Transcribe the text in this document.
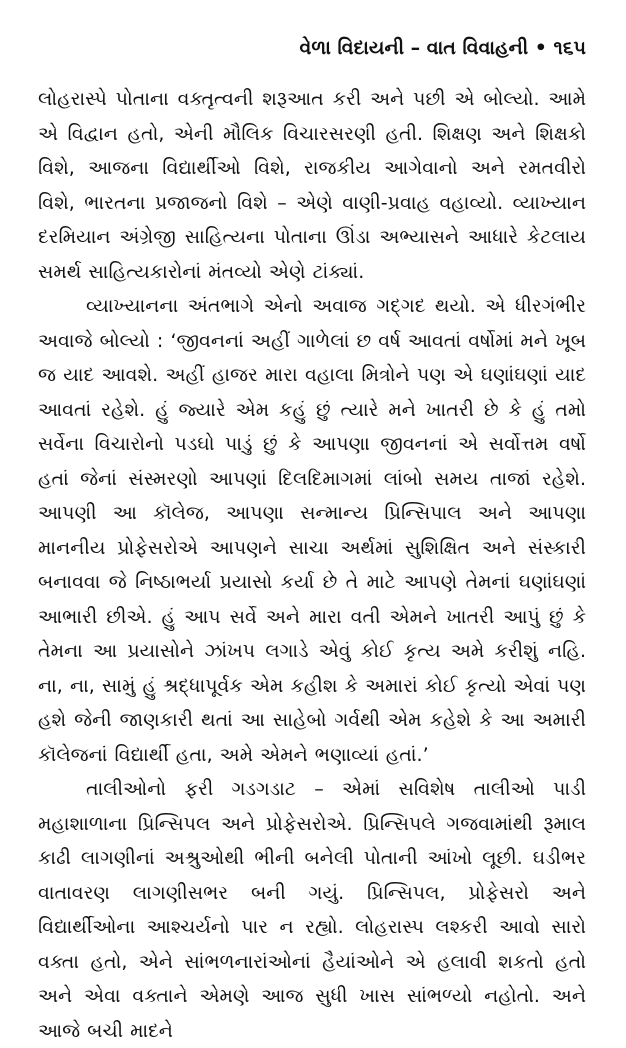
વેળા વિદાયની – વાત વિવાહની • ૧૬૫

લોહરાસ્પે પોતાના વક્તૃત્વની શરૂઆત કરી અને પછી એ બોલ્યો. આમે એ વિદ્વાન હતો, એની મૌલિક વિચારસરણી હતી. શિક્ષણ અને શિક્ષકો વિશે, આજના વિદ્યાર્થીઓ વિશે, રાજકીય આગેવાનો અને રમતવીરો વિશે, ભારતના પ્રજાજનો વિશે – એણે વાણી-પ્રવાહ વહાવ્યો. વ્યાખ્યાન દરમિયાન અંગ્રેજી સાહિત્યના પોતાના ઊંડા અભ્યાસને આધારે કેટલાય સમર્થ સાહિત્યકારોનાં મંતવ્યો એણે ટાંક્યાં.

વ્યાખ્યાનના અંતભાગે એનો અવાજ ગદ્ગદ થયો. એ ધીરગંભીર અવાજે બોલ્યો : ‘જીવનનાં અહીં ગાળેલાં છ વર્ષ આવતાં વર્ષોમાં મને ખૂબ જ યાદ આવશે. અહીં હાજર મારા વહાલા મિત્રોને પણ એ ઘણાંઘણાં યાદ આવતાં રહેશે. હું જ્યારે એમ કહું છું ત્યારે મને ખાતરી છે કે હું તમો સર્વેના વિચારોનો પડઘો પાડું છું કે આપણા જીવનનાં એ સર્વોત્તમ વર્ષો હતાં જેનાં સંસ્મરણો આપણાં દિલદિમાગમાં લાંબો સમય તાજાં રહેશે. આપણી આ કૉલેજ, આપણા સન્માન્ય પ્રિન્સિપાલ અને આપણા માનનીય પ્રોફેસરોએ આપણને સાચા અર્થમાં સુશિક્ષિત અને સંસ્કારી બનાવવા જે નિષ્ઠાભર્યા પ્રયાસો કર્યા છે તે માટે આપણે તેમનાં ઘણાંઘણાં આભારી છીએ. હું આપ સર્વે અને મારા વતી એમને ખાતરી આપું છું કે તેમના આ પ્રયાસોને ઝાંખપ લગાડે એવું કોઈ કૃત્ય અમે કરીશું નહિ. ના, ના, સામું હું શ્રદ્ધાપૂર્વક એમ કહીશ કે અમારાં કોઈ કૃત્યો એવાં પણ હશે જેની જાણકારી થતાં આ સાહેબો ગર્વથી એમ કહેશે કે આ અમારી કૉલેજનાં વિદ્યાર્થી હતા, અમે એમને ભણાવ્યાં હતાં.’

તાલીઓનો ફરી ગડગડાટ – એમાં સવિશેષ તાલીઓ પાડી મહાશાળાના પ્રિન્સિપલ અને પ્રોફેસરોએ. પ્રિન્સિપલે ગજવામાંથી રૂમાલ કાઢી લાગણીનાં અશ્રુઓથી ભીની બનેલી પોતાની આંખો લૂછી. ઘડીભર વાતાવરણ લાગણીસભર બની ગયું. પ્રિન્સિપલ, પ્રોફેસરો અને વિદ્યાર્થીઓના આશ્ચર્યનો પાર ન રહ્યો. લોહરાસ્પ લશ્કરી આવો સારો વક્તા હતો, એને સાંભળનારાંઓનાં હૈયાંઓને એ હલાવી શકતો હતો અને એવા વક્તાને એમણે આજ સુધી ખાસ સાંભળ્યો નહોતો. અને આજે બચી માદને
